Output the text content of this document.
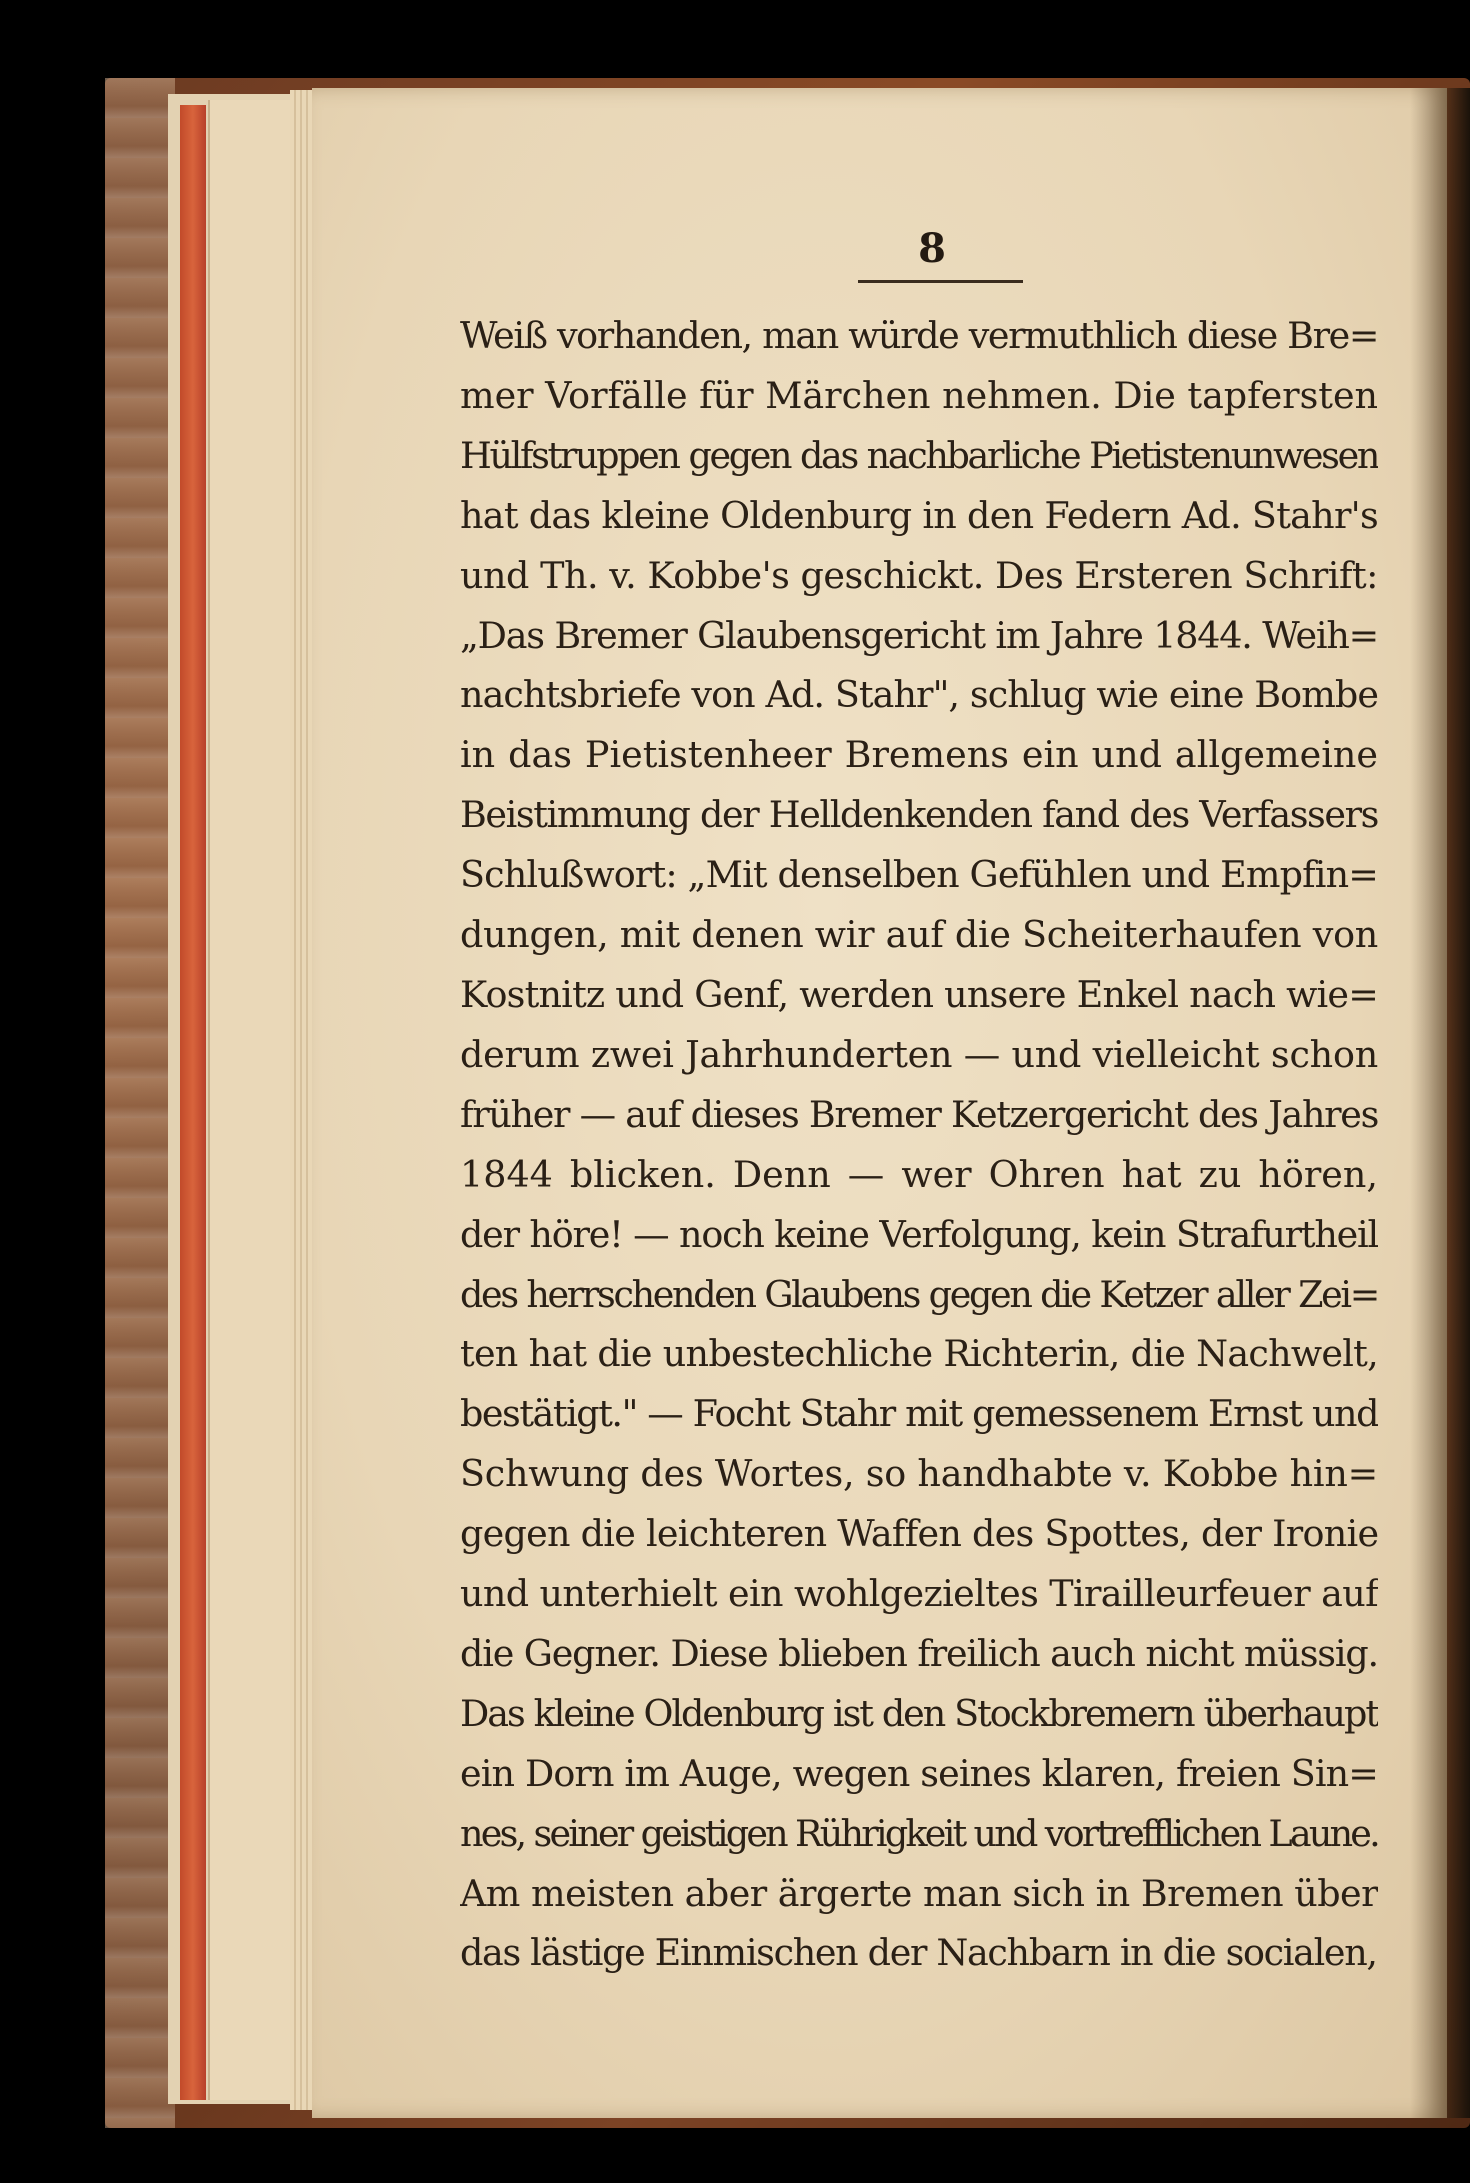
8
Weiß vorhanden, man würde vermuthlich diese Bre=
mer Vorfälle für Märchen nehmen. Die tapfersten
Hülfstruppen gegen das nachbarliche Pietistenunwesen
hat das kleine Oldenburg in den Federn Ad. Stahr's
und Th. v. Kobbe's geschickt. Des Ersteren Schrift:
„Das Bremer Glaubensgericht im Jahre 1844. Weih=
nachtsbriefe von Ad. Stahr", schlug wie eine Bombe
in das Pietistenheer Bremens ein und allgemeine
Beistimmung der Helldenkenden fand des Verfassers
Schlußwort: „Mit denselben Gefühlen und Empfin=
dungen, mit denen wir auf die Scheiterhaufen von
Kostnitz und Genf, werden unsere Enkel nach wie=
derum zwei Jahrhunderten — und vielleicht schon
früher — auf dieses Bremer Ketzergericht des Jahres
1844 blicken. Denn — wer Ohren hat zu hören,
der höre! — noch keine Verfolgung, kein Strafurtheil
des herrschenden Glaubens gegen die Ketzer aller Zei=
ten hat die unbestechliche Richterin, die Nachwelt,
bestätigt." — Focht Stahr mit gemessenem Ernst und
Schwung des Wortes, so handhabte v. Kobbe hin=
gegen die leichteren Waffen des Spottes, der Ironie
und unterhielt ein wohlgezieltes Tirailleurfeuer auf
die Gegner. Diese blieben freilich auch nicht müssig.
Das kleine Oldenburg ist den Stockbremern überhaupt
ein Dorn im Auge, wegen seines klaren, freien Sin=
nes, seiner geistigen Rührigkeit und vortrefflichen Laune.
Am meisten aber ärgerte man sich in Bremen über
das lästige Einmischen der Nachbarn in die socialen,
